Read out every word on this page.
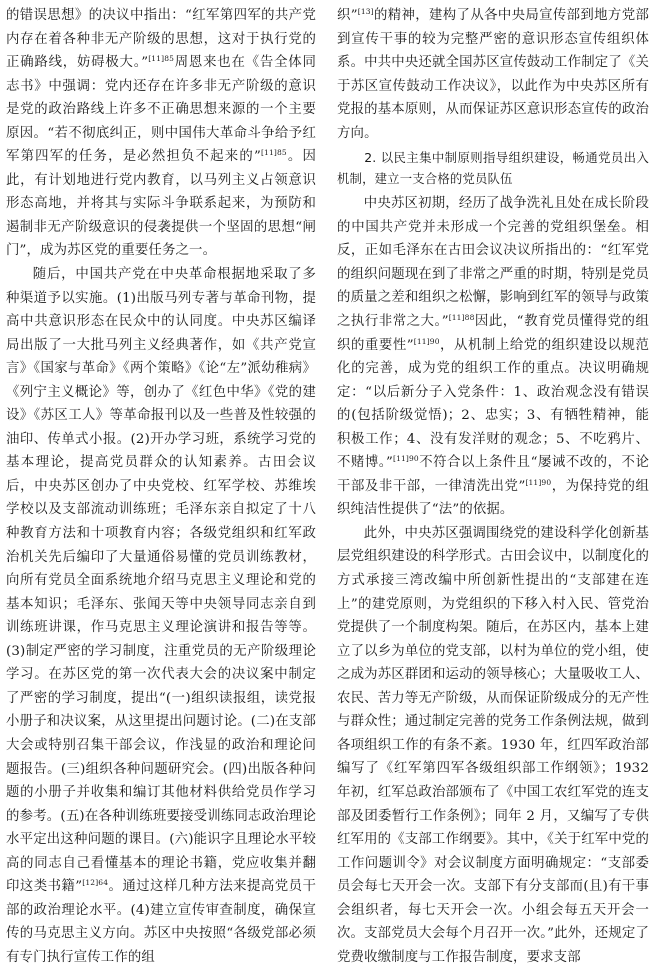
的错误思想》的决议中指出：“红军第四军的共产党内存在着各种非无产阶级的思想，这对于执行党的正确路线，妨碍极大。”$^{[11]85}$周恩来也在《告全体同志书》中强调：党内还存在许多非无产阶级的意识是党的政治路线上许多不正确思想来源的一个主要原因。“若不彻底纠正，则中国伟大革命斗争给予红军第四军的任务，是必然担负不起来的”$^{[11]85}$。因此，有计划地进行党内教育，以马列主义占领意识形态高地，并将其与实际斗争联系起来，为预防和遏制非无产阶级意识的侵袭提供一个坚固的思想“闸门”，成为苏区党的重要任务之一。

随后，中国共产党在中央革命根据地采取了多种渠道予以实施。(1)出版马列专著与革命刊物，提高中共意识形态在民众中的认同度。中央苏区编译局出版了一大批马列主义经典著作，如《共产党宣言》《国家与革命》《两个策略》《论“左”派幼稚病》《列宁主义概论》等，创办了《红色中华》《党的建设》《苏区工人》等革命报刊以及一些普及性较强的油印、传单式小报。(2)开办学习班，系统学习党的基本理论，提高党员群众的认知素养。古田会议后，中央苏区创办了中央党校、红军学校、苏维埃学校以及支部流动训练班；毛泽东亲自拟定了十八种教育方法和十项教育内容；各级党组织和红军政治机关先后编印了大量通俗易懂的党员训练教材，向所有党员全面系统地介绍马克思主义理论和党的基本知识；毛泽东、张闻天等中央领导同志亲自到训练班讲课，作马克思主义理论演讲和报告等等。(3)制定严密的学习制度，注重党员的无产阶级理论学习。在苏区党的第一次代表大会的决议案中制定了严密的学习制度，提出“(一)组织读报组，读党报小册子和决议案，从这里提出问题讨论。(二)在支部大会或特别召集干部会议，作浅显的政治和理论问题报告。(三)组织各种问题研究会。(四)出版各种问题的小册子并收集和编订其他材料供给党员作学习的参考。(五)在各种训练班要接受训练同志政治理论水平定出这种问题的课目。(六)能识字且理论水平较高的同志自己看懂基本的理论书籍，党应收集并翻印这类书籍”$^{[12]64}$。通过这样几种方法来提高党员干部的政治理论水平。(4)建立宣传审查制度，确保宣传的马克思主义方向。苏区中央按照“各级党部必须有专门执行宣传工作的组

织”[13]的精神，建构了从各中央局宣传部到地方党部到宣传干事的较为完整严密的意识形态宣传组织体系。中共中央还就全国苏区宣传鼓动工作制定了《关于苏区宣传鼓动工作决议》，以此作为中央苏区所有党报的基本原则，从而保证苏区意识形态宣传的政治方向。

2. 以民主集中制原则指导组织建设，畅通党员出入机制，建立一支合格的党员队伍

中央苏区初期，经历了战争洗礼且处在成长阶段的中国共产党并未形成一个完善的党组织堡垒。相反，正如毛泽东在古田会议决议所指出的：“红军党的组织问题现在到了非常之严重的时期，特别是党员的质量之差和组织之松懈，影响到红军的领导与政策之执行非常之大。”$^{[11]88}$因此，“教育党员懂得党的组织的重要性”$^{[11]90}$，从机制上给党的组织建设以规范化的完善，成为党的组织工作的重点。决议明确规定：“以后新分子入党条件：1、政治观念没有错误的(包括阶级觉悟)；2、忠实；3、有牺牲精神，能积极工作；4、没有发洋财的观念；5、不吃鸦片、不赌博。”$^{[11]90}$不符合以上条件且“屡诫不改的，不论干部及非干部，一律清洗出党”$^{[11]90}$，为保持党的组织纯洁性提供了“法”的依据。

此外，中央苏区强调围绕党的建设科学化创新基层党组织建设的科学形式。古田会议中，以制度化的方式承接三湾改编中所创新性提出的“支部建在连上”的建党原则，为党组织的下移入村入民、管党治党提供了一个制度构架。随后，在苏区内，基本上建立了以乡为单位的党支部，以村为单位的党小组，使之成为苏区群团和运动的领导核心；大量吸收工人、农民、苦力等无产阶级，从而保证阶级成分的无产性与群众性；通过制定完善的党务工作条例法规，做到各项组织工作的有条不紊。1930 年，红四军政治部编写了《红军第四军各级组织部工作纲领》；1932 年初，红军总政治部颁布了《中国工农红军党的连支部及团委暂行工作条例》；同年 2 月，又编写了专供红军用的《支部工作纲要》。其中，《关于红军中党的工作问题训令》对会议制度方面明确规定：“支部委员会每七天开会一次。支部下有分支部而(且)有干事会组织者，每七天开会一次。小组会每五天开会一次。支部党员大会每个月召开一次。”此外，还规定了党费收缴制度与工作报告制度，要求支部
